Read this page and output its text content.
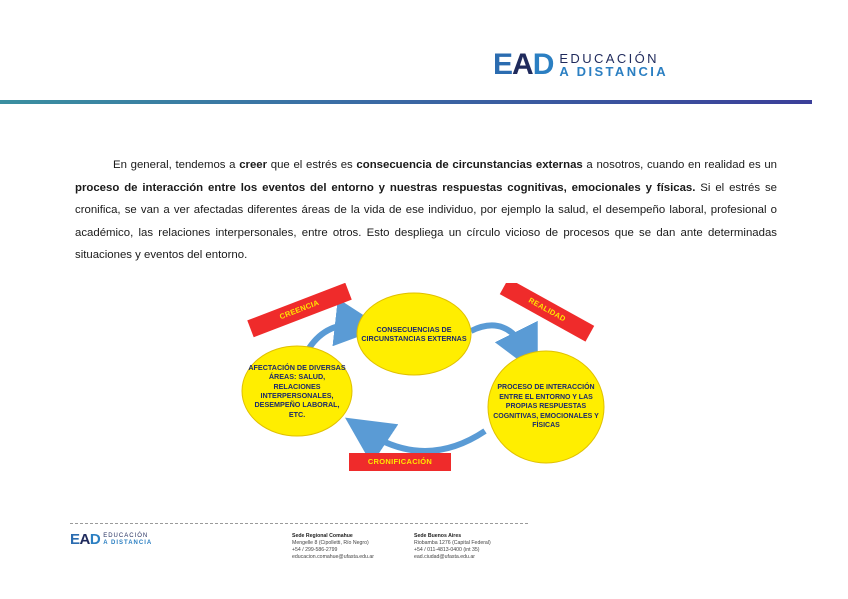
EAD EDUCACIÓN
A DISTANCIA

En general, tendemos a creer que el estrés es consecuencia de circunstancias externas a nosotros, cuando en realidad es un proceso de interacción entre los eventos del entorno y nuestras respuestas cognitivas, emocionales y físicas. Si el estrés se cronifica, se van a ver afectadas diferentes áreas de la vida de ese individuo, por ejemplo la salud, el desempeño laboral, profesional o académico, las relaciones interpersonales, entre otros. Esto despliega un círculo vicioso de procesos que se dan ante determinadas situaciones y eventos del entorno.

CONSECUENCIAS DE CIRCUNSTANCIAS EXTERNAS
AFECTACIÓN DE DIVERSAS ÁREAS: SALUD, RELACIONES INTERPERSONALES, DESEMPEÑO LABORAL, ETC.
PROCESO DE INTERACCIÓN ENTRE EL ENTORNO Y LAS PROPIAS RESPUESTAS COGNITIVAS, EMOCIONALES Y FÍSICAS
CREENCIA	REALIDAD
CRONIFICACIÓN
EAD EDUCACIÓN
A DISTANCIA
Sede Regional Comahue
Mengelle 8 (Cipolletti, Río Negro)
+54 / 299-586-2799
educacion.comahue@ufasta.edu.ar
Sede Buenos Aires
Riobamba 1276 (Capital Federal)
+54 / 011-4813-0400 (int 35)
ead.ciudad@ufasta.edu.ar
